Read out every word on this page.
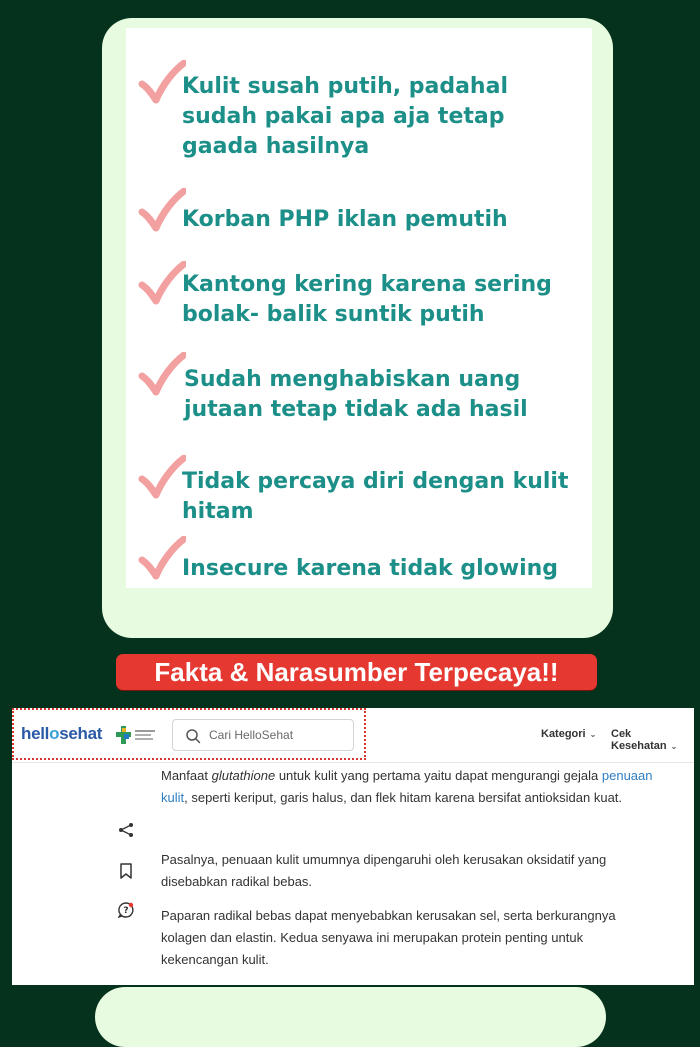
Kulit susah putih, padahal sudah pakai apa aja tetap gaada hasilnya
Korban PHP iklan pemutih
Kantong kering karena sering bolak- balik suntik putih
Sudah menghabiskan uang jutaan tetap tidak ada hasil
Tidak percaya diri dengan kulit hitam
Insecure karena tidak glowing
Fakta & Narasumber Terpecaya!!
hellosehat	Cari HelloSehat	Kategori ⌄ Cek Kesehatan ⌄
?
Manfaat glutathione untuk kulit yang pertama yaitu dapat mengurangi gejala penuaan kulit, seperti keriput, garis halus, dan flek hitam karena bersifat antioksidan kuat.
Pasalnya, penuaan kulit umumnya dipengaruhi oleh kerusakan oksidatif yang disebabkan radikal bebas.
Paparan radikal bebas dapat menyebabkan kerusakan sel, serta berkurangnya kolagen dan elastin. Kedua senyawa ini merupakan protein penting untuk kekencangan kulit.
